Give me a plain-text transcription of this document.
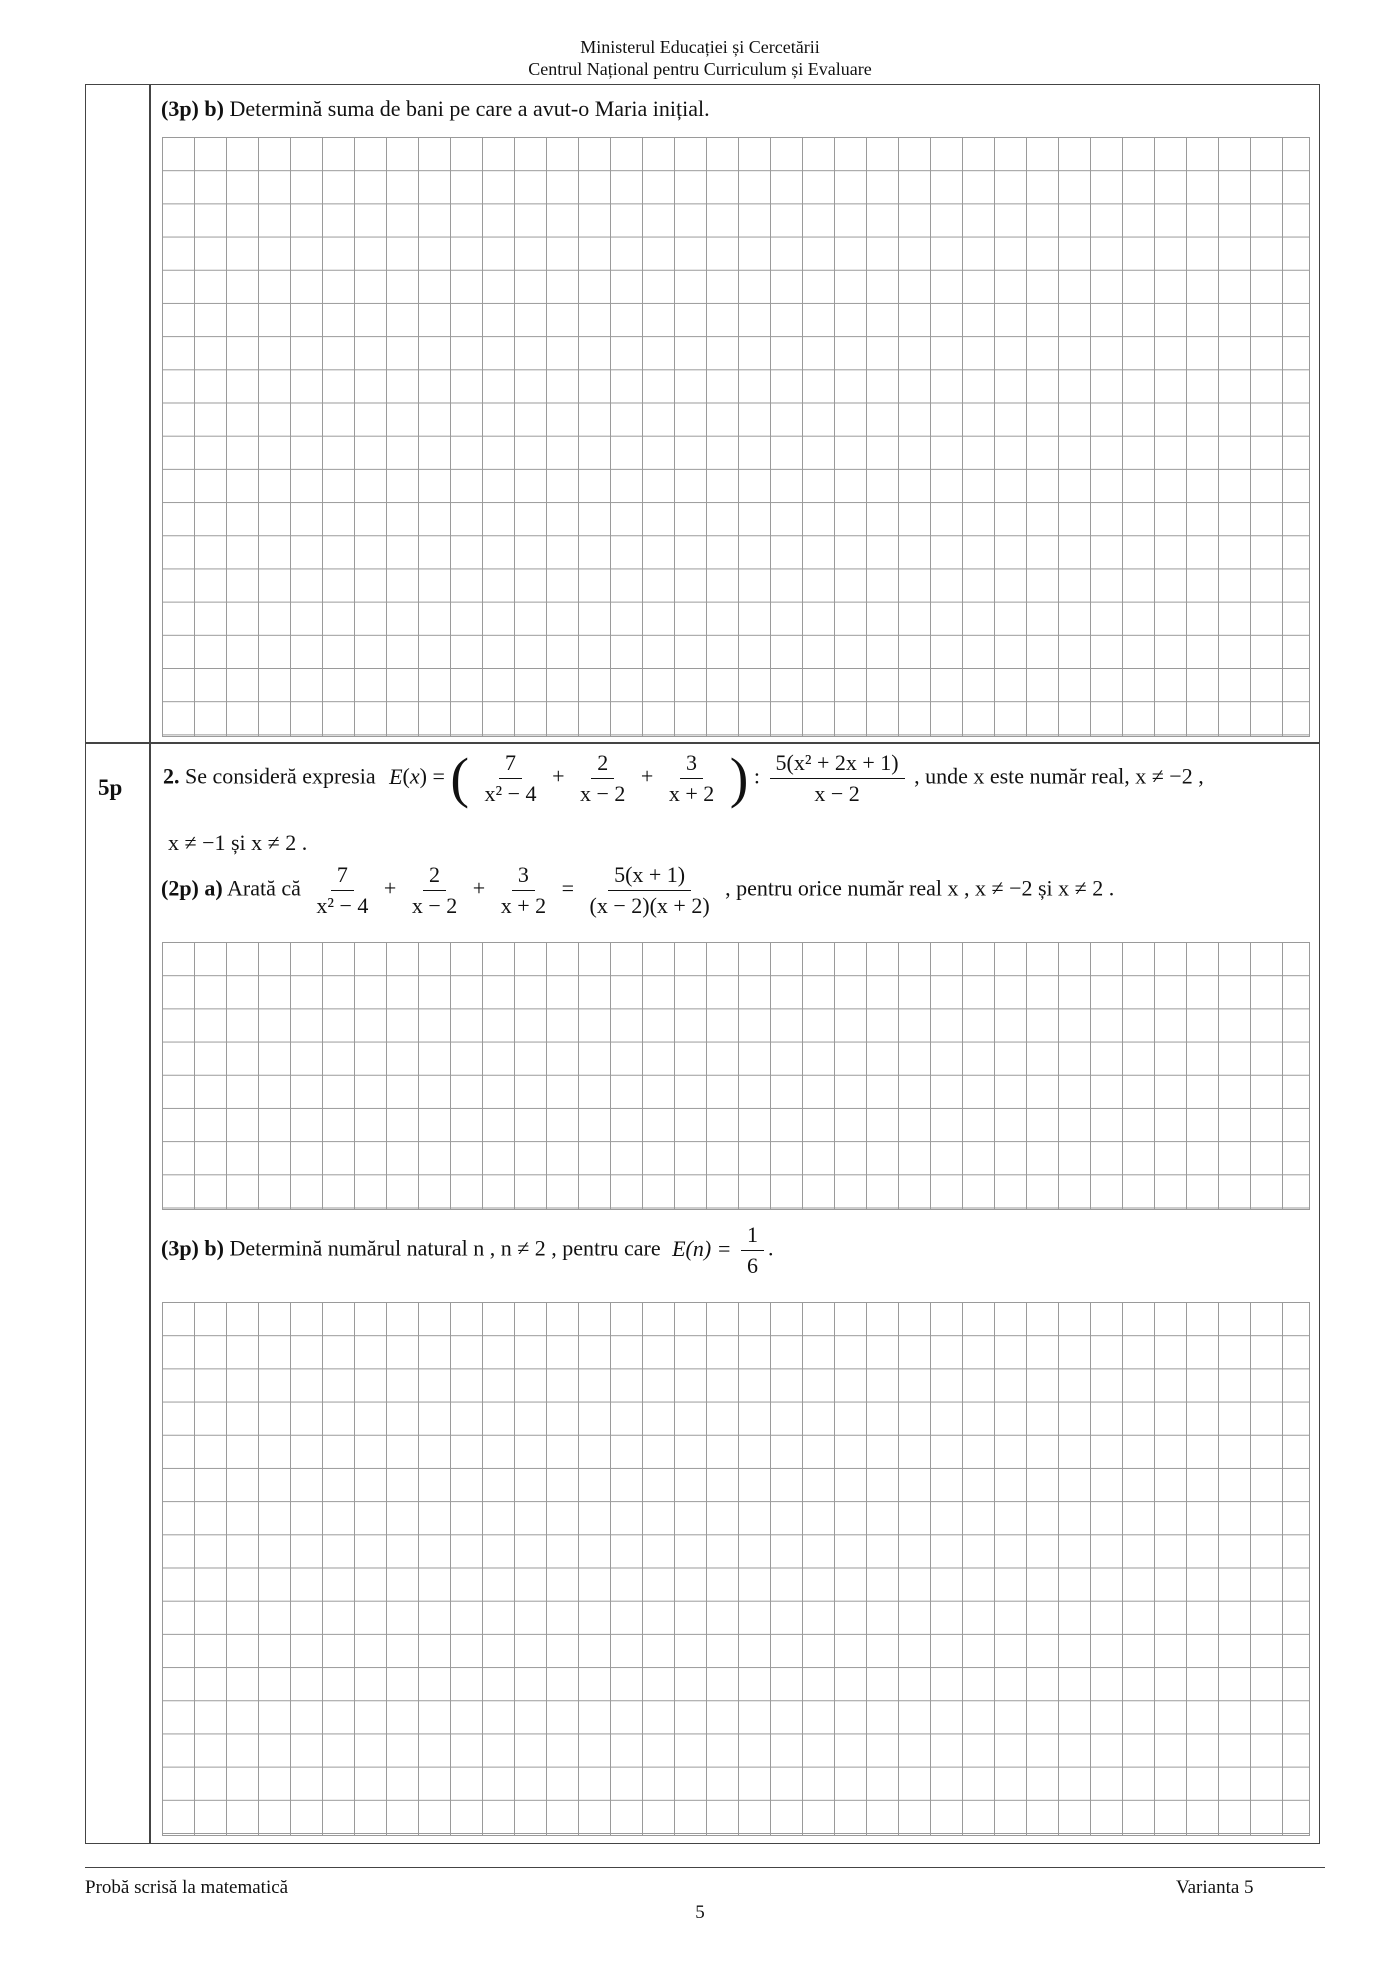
Ministerul Educației și Cercetării
Centrul Național pentru Curriculum și Evaluare
(3p) b) Determină suma de bani pe care a avut-o Maria inițial.
5p 2. Se consideră expresia E(x) = ( $\frac{7}{\text{x² − 4}} + \frac{2}{x - 2} + \frac{3}{x + 2}$ ) : $\frac{\text{5(x² + 2x + 1)}}{x - 2}$ , unde x este număr real, x ≠ −2 ,
x ≠ −1 și x ≠ 2 .
(2p) a) Arată că $\frac{7}{\text{x² − 4}} + \frac{2}{x - 2} + \frac{3}{x + 2} = \frac{5(x + 1)}{(x - 2)(x + 2)}$ , pentru orice număr real x , x ≠ −2 și x ≠ 2 .
(3p) b) Determină numărul natural n , n ≠ 2 , pentru care $E(n) = \frac{1}{6}$ .
Probă scrisă la matematică	Varianta 5
5
